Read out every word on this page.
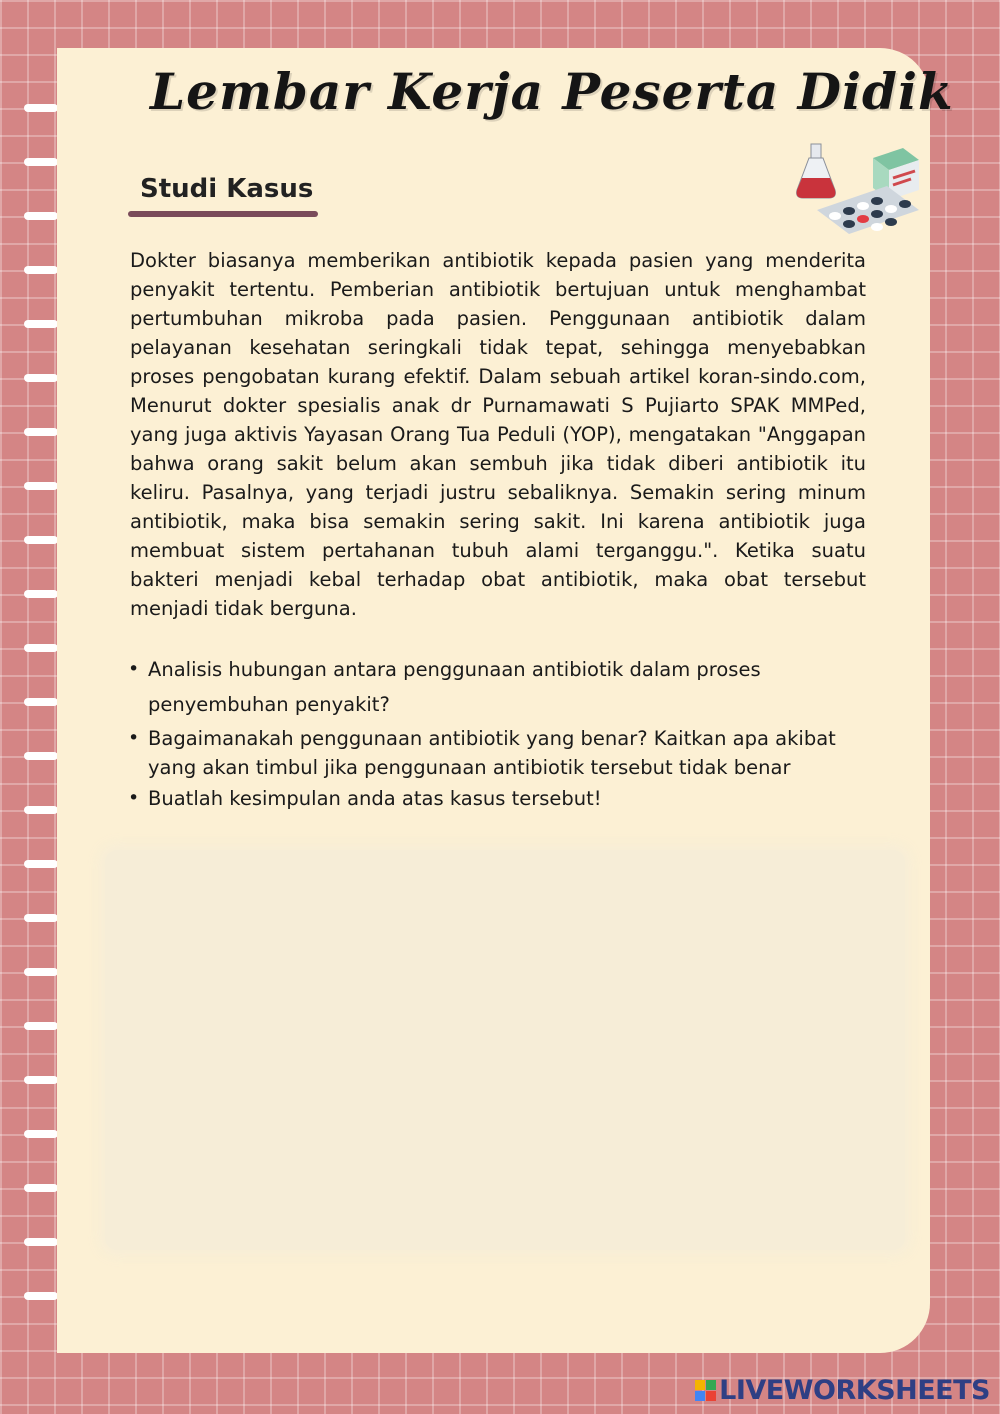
Lembar Kerja Peserta Didik
Studi Kasus

Dokter biasanya memberikan antibiotik kepada pasien yang menderita penyakit tertentu. Pemberian antibiotik bertujuan untuk menghambat pertumbuhan mikroba pada pasien. Penggunaan antibiotik dalam pelayanan kesehatan seringkali tidak tepat, sehingga menyebabkan proses pengobatan kurang efektif. Dalam sebuah artikel koran-sindo.com, Menurut dokter spesialis anak dr Purnamawati S Pujiarto SPAK MMPed, yang juga aktivis Yayasan Orang Tua Peduli (YOP), mengatakan "Anggapan bahwa orang sakit belum akan sembuh jika tidak diberi antibiotik itu keliru. Pasalnya, yang terjadi justru sebaliknya. Semakin sering minum antibiotik, maka bisa semakin sering sakit. Ini karena antibiotik juga membuat sistem pertahanan tubuh alami terganggu.". Ketika suatu bakteri menjadi kebal terhadap obat antibiotik, maka obat tersebut menjadi tidak berguna.

• Analisis hubungan antara penggunaan antibiotik dalam proses penyembuhan penyakit?
• Bagaimanakah penggunaan antibiotik yang benar? Kaitkan apa akibat yang akan timbul jika penggunaan antibiotik tersebut tidak benar
• Buatlah kesimpulan anda atas kasus tersebut!
LIVEWORKSHEETS
